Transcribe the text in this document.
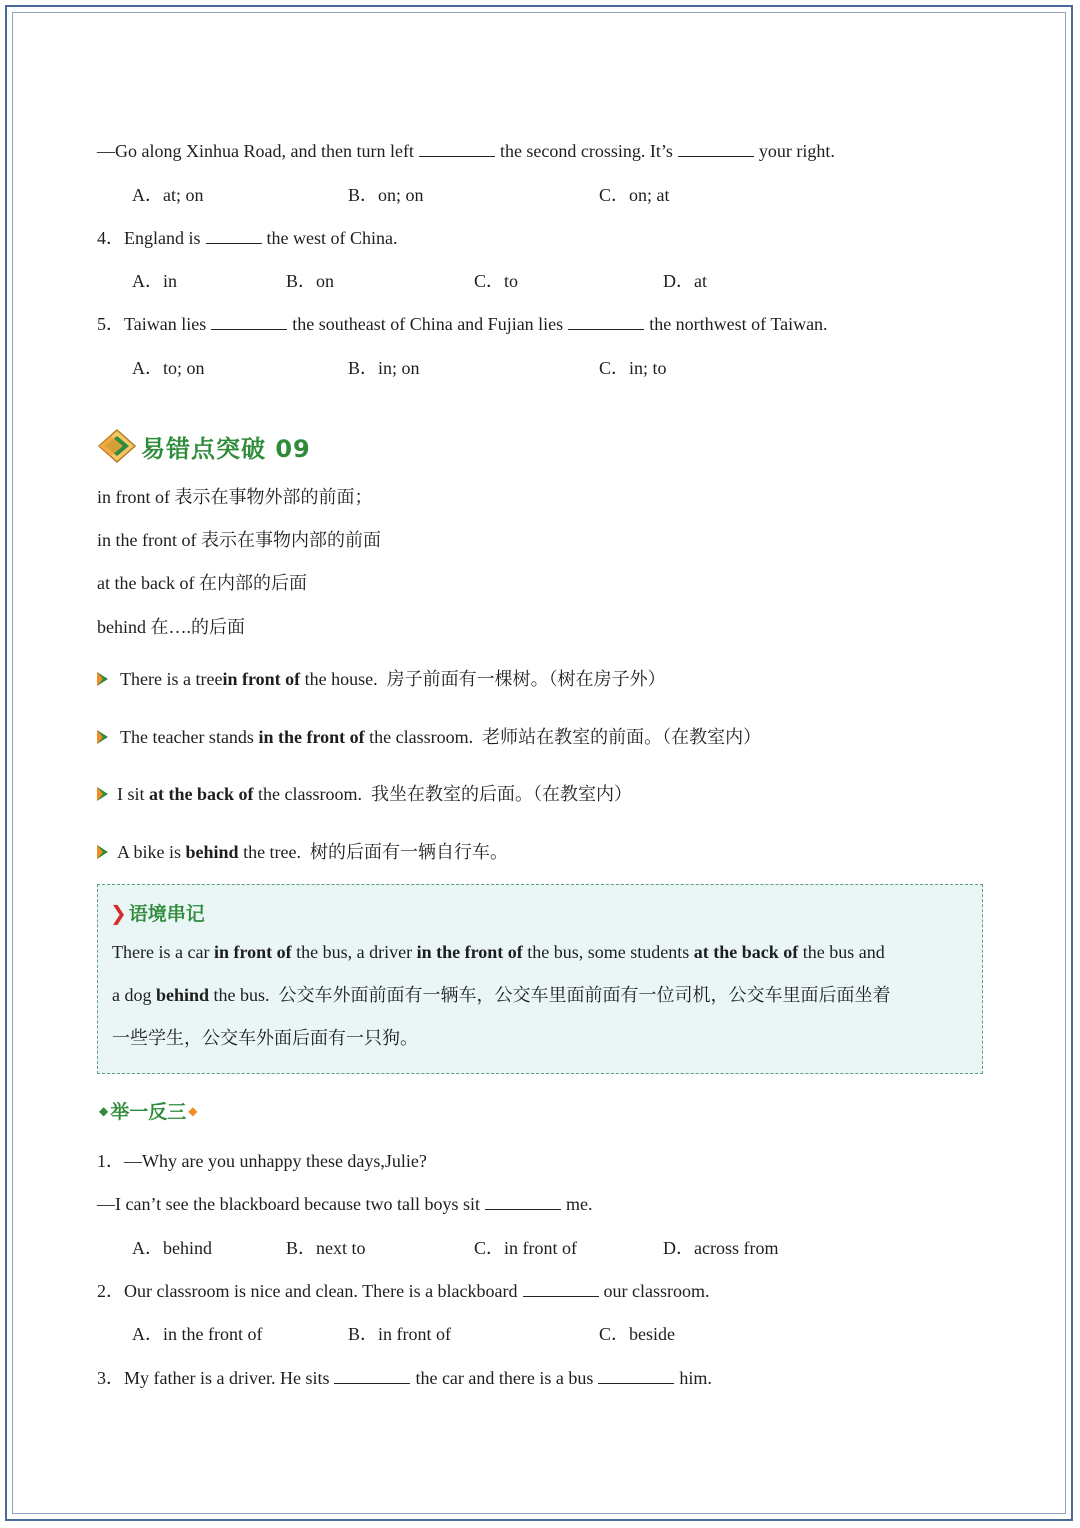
—Go along Xinhua Road, and then turn left	the second crossing. It’s	your right.
A．at; on	B．on; on	C．on; at
4．England is	the west of China.
A．in	B．on	C．to	D．at
5．Taiwan lies	the southeast of China and Fujian lies	the northwest of Taiwan.
A．to; on	B．in; on	C．in; to
易错点突破 09
in front of 表示在事物外部的前面；
in the front of 表示在事物内部的前面
at the back of 在内部的后面
behind 在….的后面
There is a tree in front of the house.  房子前面有一棵树。（树在房子外）
The teacher stands in the front of the classroom.  老师站在教室的前面。（在教室内）
I sit at the back of the classroom.  我坐在教室的后面。（在教室内）
A bike is behind the tree.  树的后面有一辆自行车。
❯ 语境串记
There is a car in front of the bus, a driver in the front of the bus, some students at the back of the bus and
a dog behind the bus.  公交车外面前面有一辆车，公交车里面前面有一位司机，公交车里面后面坐着
一些学生，公交车外面后面有一只狗。
◆ 举一反三 ◆
1．—Why are you unhappy these days,Julie?
—I can’t see the blackboard because two tall boys sit	me.
A．behind	B．next to	C．in front of	D．across from
2．Our classroom is nice and clean. There is a blackboard	our classroom.
A．in the front of	B．in front of	C．beside
3．My father is a driver. He sits	the car and there is a bus	him.
